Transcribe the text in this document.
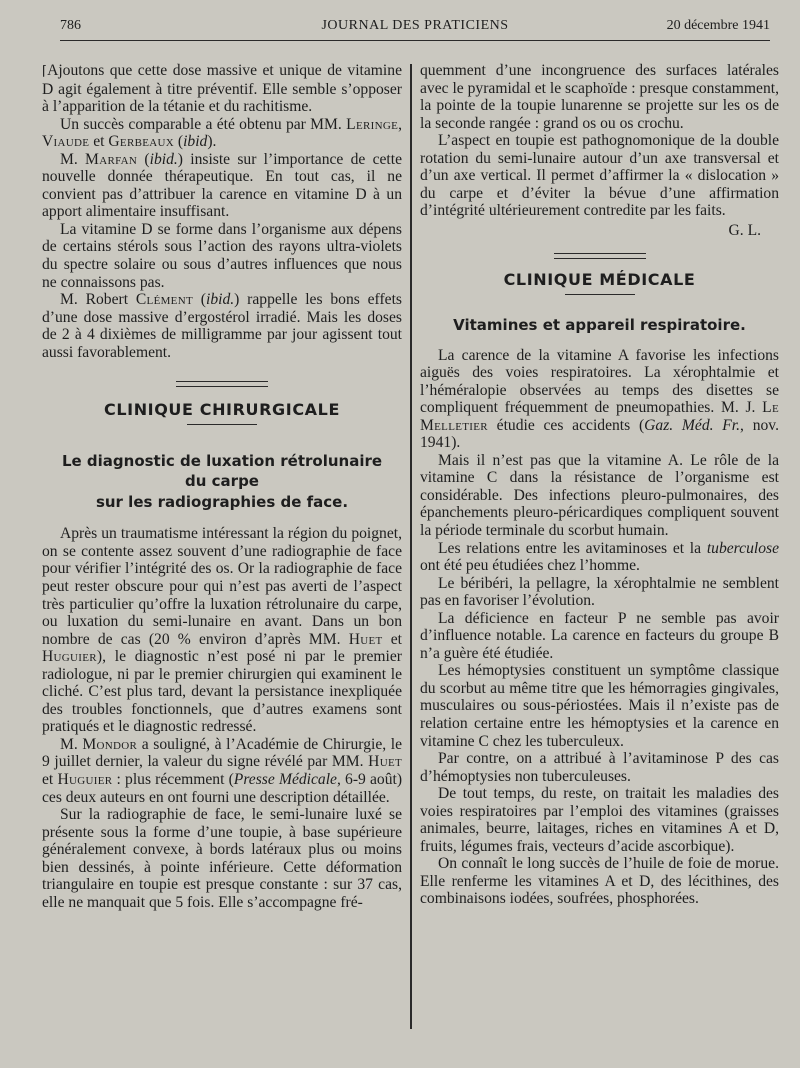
786	JOURNAL DES PRATICIENS	20 décembre 1941

⌈Ajoutons que cette dose massive et unique de vitamine D agit également à titre préventif. Elle semble s’opposer à l’apparition de la tétanie et du rachitisme.

Un succès comparable a été obtenu par MM. Leringe, Viaude et Gerbeaux (ibid).

M. Marfan (ibid.) insiste sur l’importance de cette nouvelle donnée thérapeutique. En tout cas, il ne convient pas d’attribuer la carence en vitamine D à un apport alimentaire insuffisant.

La vitamine D se forme dans l’organisme aux dépens de certains stérols sous l’action des rayons ultra-violets du spectre solaire ou sous d’autres influences que nous ne connaissons pas.

M. Robert Clément (ibid.) rappelle les bons effets d’une dose massive d’ergostérol irradié. Mais les doses de 2 à 4 dixièmes de milligramme par jour agissent tout aussi favorablement.

CLINIQUE CHIRURGICALE
Le diagnostic de luxation rétrolunaire
du carpe
sur les radiographies de face.

Après un traumatisme intéressant la région du poignet, on se contente assez souvent d’une radiographie de face pour vérifier l’intégrité des os. Or la radiographie de face peut rester obscure pour qui n’est pas averti de l’aspect très particulier qu’offre la luxation rétrolunaire du carpe, ou luxation du semi-lunaire en avant. Dans un bon nombre de cas (20 % environ d’après MM. Huet et Huguier), le diagnostic n’est posé ni par le premier radiologue, ni par le premier chirurgien qui examinent le cliché. C’est plus tard, devant la persistance inexpliquée des troubles fonctionnels, que d’autres examens sont pratiqués et le diagnostic redressé.

M. Mondor a souligné, à l’Académie de Chirurgie, le 9 juillet dernier, la valeur du signe révélé par MM. Huet et Huguier : plus récemment (Presse Médicale, 6-9 août) ces deux auteurs en ont fourni une description détaillée.

Sur la radiographie de face, le semi-lunaire luxé se présente sous la forme d’une toupie, à base supérieure généralement convexe, à bords latéraux plus ou moins bien dessinés, à pointe inférieure. Cette déformation triangulaire en toupie est presque constante : sur 37 cas, elle ne manquait que 5 fois. Elle s’accompagne fré-

quemment d’une incongruence des surfaces latérales avec le pyramidal et le scaphoïde : presque constamment, la pointe de la toupie lunarenne se projette sur les os de la seconde rangée : grand os ou os crochu.

L’aspect en toupie est pathognomonique de la double rotation du semi-lunaire autour d’un axe transversal et d’un axe vertical. Il permet d’affirmer la « dislocation » du carpe et d’éviter la bévue d’une affirmation d’intégrité ultérieurement contredite par les faits.

G. L.

CLINIQUE MÉDICALE
Vitamines et appareil respiratoire.

La carence de la vitamine A favorise les infections aiguës des voies respiratoires. La xérophtalmie et l’héméralopie observées au temps des disettes se compliquent fréquemment de pneumopathies. M. J. Le Melletier étudie ces accidents (Gaz. Méd. Fr., nov. 1941).

Mais il n’est pas que la vitamine A. Le rôle de la vitamine C dans la résistance de l’organisme est considérable. Des infections pleuro-pulmonaires, des épanchements pleuro-péricardiques compliquent souvent la période terminale du scorbut humain.

Les relations entre les avitaminoses et la tuberculose ont été peu étudiées chez l’homme.

Le béribéri, la pellagre, la xérophtalmie ne semblent pas en favoriser l’évolution.

La déficience en facteur P ne semble pas avoir d’influence notable. La carence en facteurs du groupe B n’a guère été étudiée.

Les hémoptysies constituent un symptôme classique du scorbut au même titre que les hémorragies gingivales, musculaires ou sous-périostées. Mais il n’existe pas de relation certaine entre les hémoptysies et la carence en vitamine C chez les tuberculeux.

Par contre, on a attribué à l’avitaminose P des cas d’hémoptysies non tuberculeuses.

De tout temps, du reste, on traitait les maladies des voies respiratoires par l’emploi des vitamines (graisses animales, beurre, laitages, riches en vitamines A et D, fruits, légumes frais, vecteurs d’acide ascorbique).

On connaît le long succès de l’huile de foie de morue. Elle renferme les vitamines A et D, des lécithines, des combinaisons iodées, soufrées, phosphorées.
